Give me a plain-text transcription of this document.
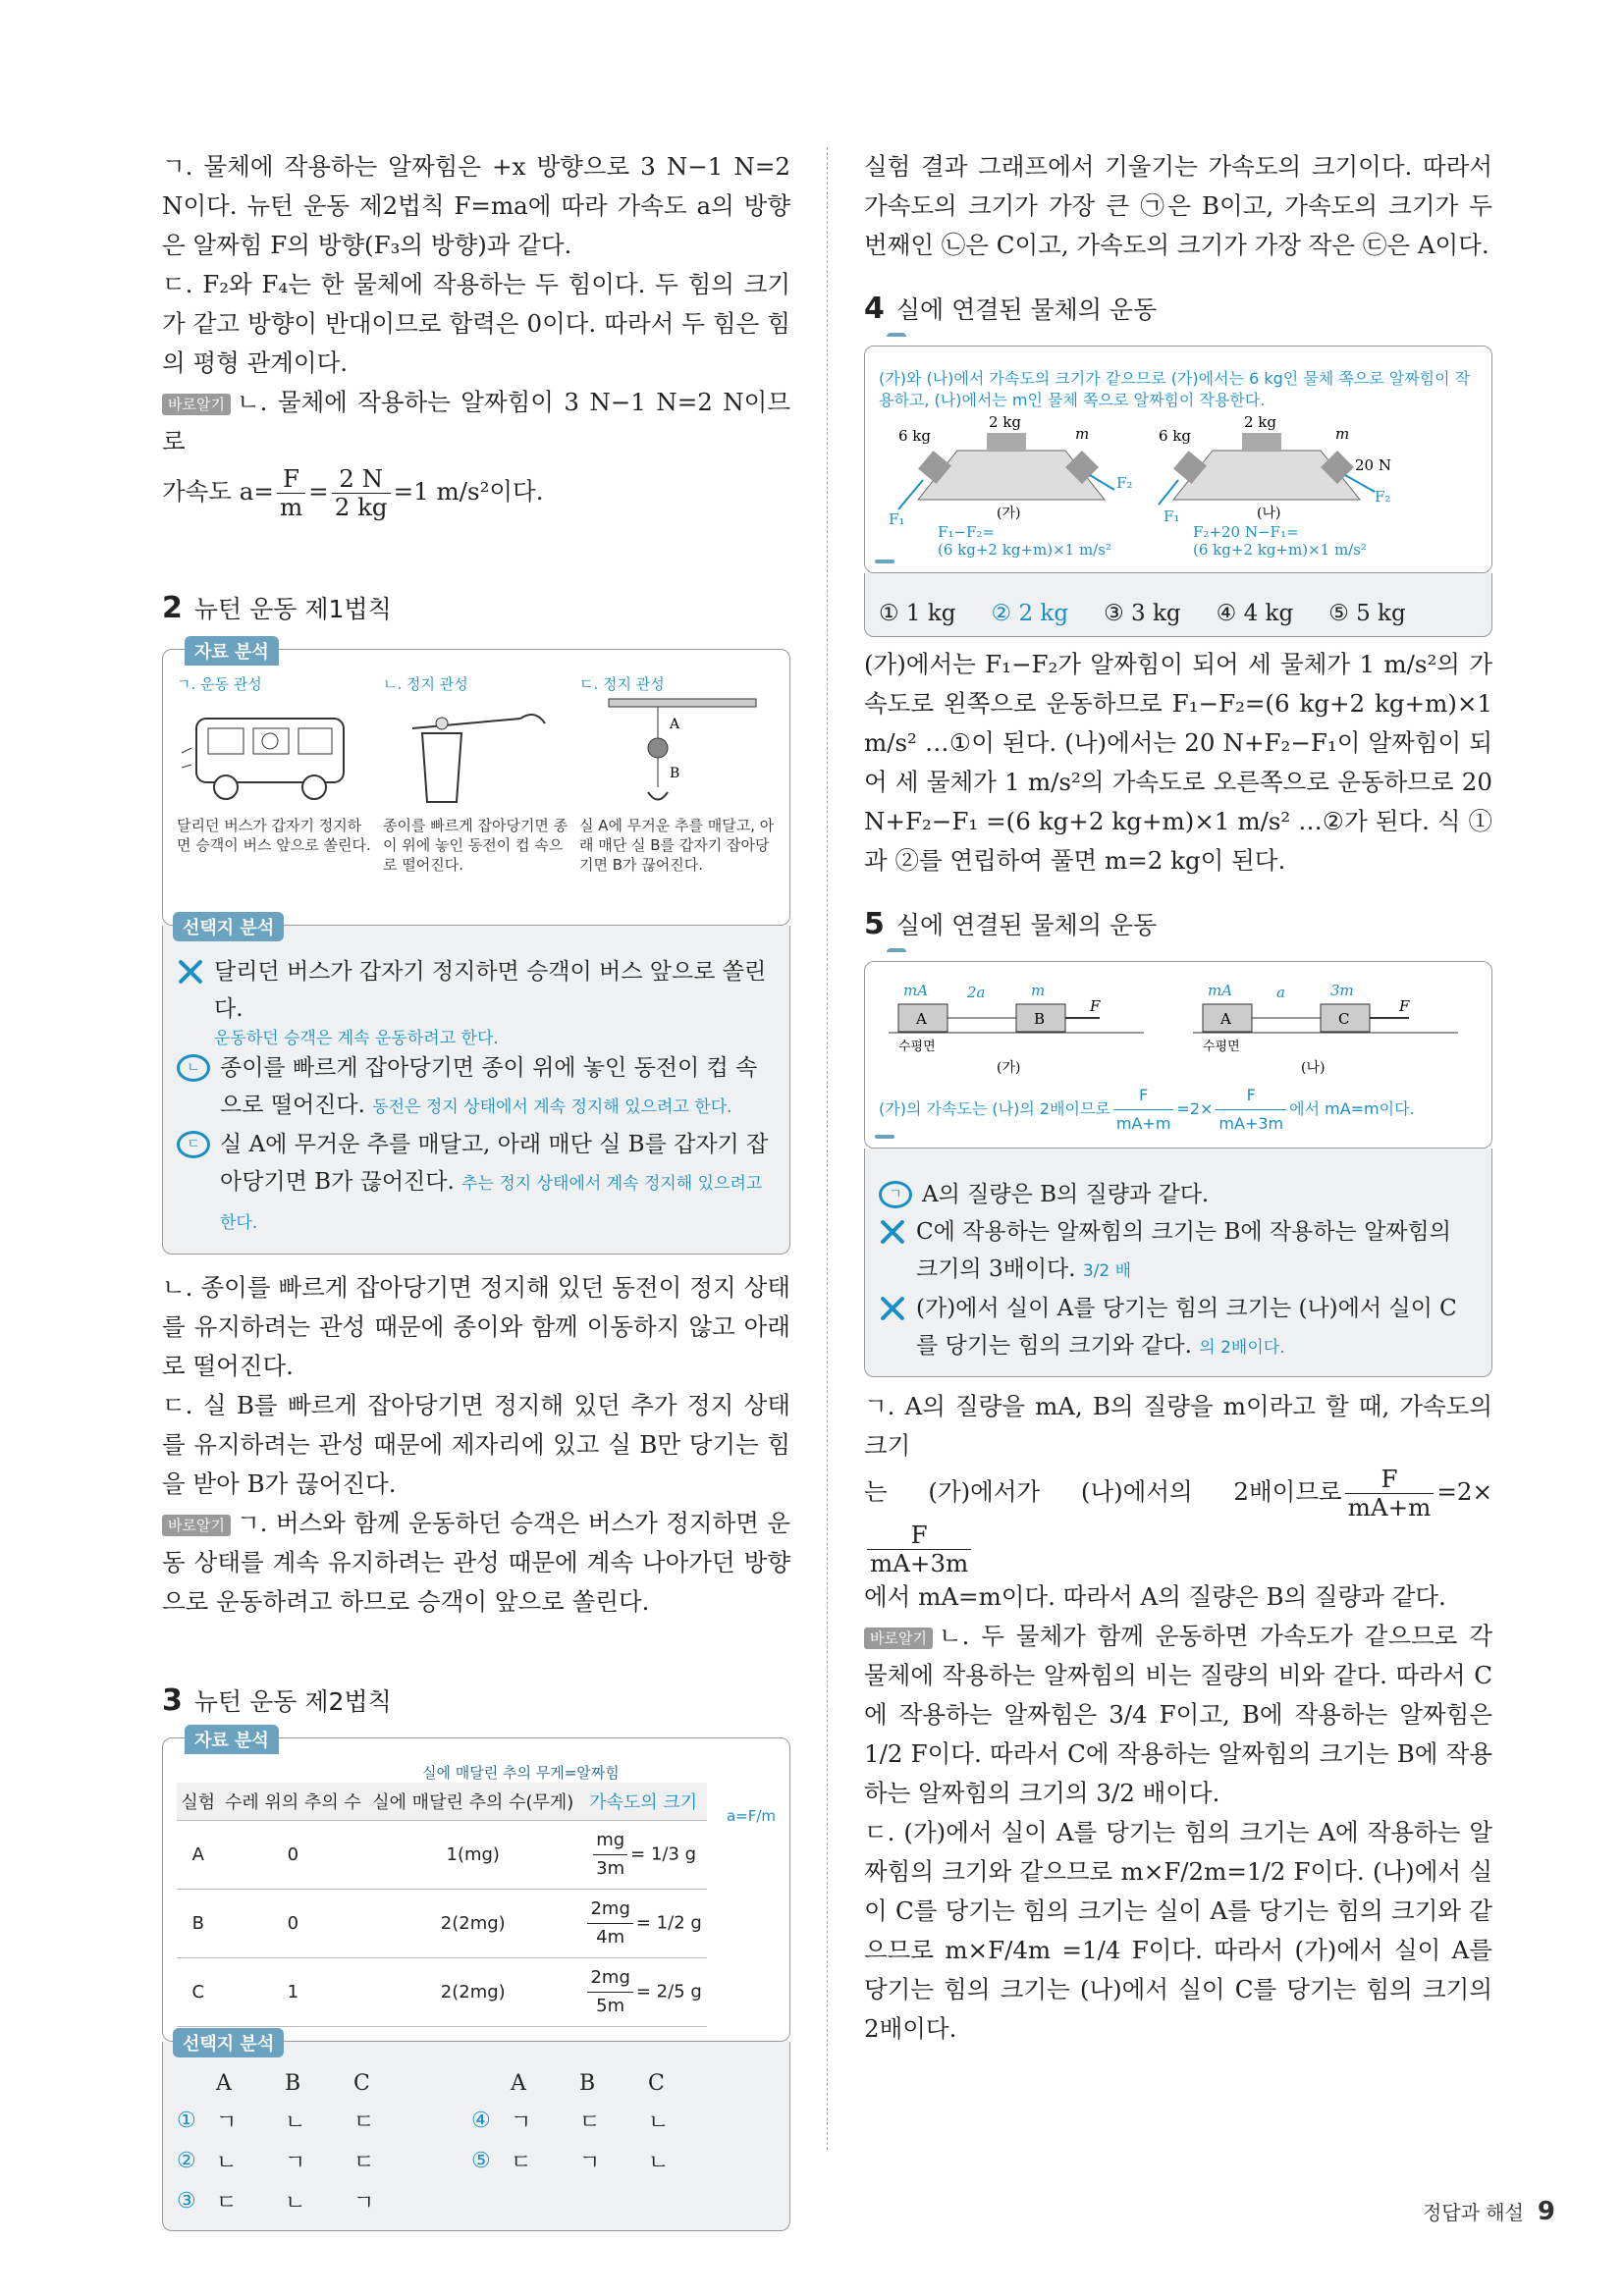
ㄱ. 물체에 작용하는 알짜힘은 +x 방향으로 3 N−1 N=2 N이다. 뉴턴 운동 제2법칙 F=ma에 따라 가속도 a의 방향은 알짜힘 F의 방향(F₃의 방향)과 같다.

ㄷ. F₂와 F₄는 한 물체에 작용하는 두 힘이다. 두 힘의 크기가 같고 방향이 반대이므로 합력은 0이다. 따라서 두 힘은 힘의 평형 관계이다.

바로알기 ㄴ. 물체에 작용하는 알짜힘이 3 N−1 N=2 N이므로

가속도 $a= \frac{F}{m} = \frac{2 N}{2 kg} =1$ m/s²이다.

2 뉴턴 운동 제1법칙
자료 분석
ㄱ. 운동 관성
달리던 버스가 갑자기 정지하면 승객이 버스 앞으로 쏠린다.
ㄴ. 정지 관성
종이를 빠르게 잡아당기면 종이 위에 놓인 동전이 컵 속으로 떨어진다.
ㄷ. 정지 관성
A
B
실 A에 무거운 추를 매달고, 아래 매단 실 B를 갑자기 잡아당기면 B가 끊어진다.
선택지 분석
달리던 버스가 갑자기 정지하면 승객이 버스 앞으로 쏠린다.
운동하던 승객은 계속 운동하려고 한다.
ㄴ 종이를 빠르게 잡아당기면 종이 위에 놓인 동전이 컵 속으로 떨어진다. 동전은 정지 상태에서 계속 정지해 있으려고 한다.
ㄷ 실 A에 무거운 추를 매달고, 아래 매단 실 B를 갑자기 잡아당기면 B가 끊어진다. 추는 정지 상태에서 계속 정지해 있으려고 한다.

ㄴ. 종이를 빠르게 잡아당기면 정지해 있던 동전이 정지 상태를 유지하려는 관성 때문에 종이와 함께 이동하지 않고 아래로 떨어진다.

ㄷ. 실 B를 빠르게 잡아당기면 정지해 있던 추가 정지 상태를 유지하려는 관성 때문에 제자리에 있고 실 B만 당기는 힘을 받아 B가 끊어진다.

바로알기 ㄱ. 버스와 함께 운동하던 승객은 버스가 정지하면 운동 상태를 계속 유지하려는 관성 때문에 계속 나아가던 방향으로 운동하려고 하므로 승객이 앞으로 쏠린다.

3 뉴턴 운동 제2법칙
자료 분석
실에 매달린 추의 무게=알짜힘
실험	수레 위의 추의 수	실에 매달린 추의 수(무게)	가속도의 크기
A	0	1(mg)	$\frac{mg}{3m} = 1/3$ g
B	0	2(2mg)	$\frac{2mg}{4m} = 1/2$ g
C	1	2(2mg)	$\frac{2mg}{5m} = 2/5$ g
a=F/m
선택지 분석
A	B	C	A	B	C
① ㄱ	ㄴ	ㄷ	④ ㄱ	ㄷ	ㄴ
② ㄴ	ㄱ	ㄷ	⑤ ㄷ	ㄱ	ㄴ
③ ㄷ	ㄴ	ㄱ

실험 결과 그래프에서 기울기는 가속도의 크기이다. 따라서 가속도의 크기가 가장 큰 ㉠은 B이고, 가속도의 크기가 두 번째인 ㉡은 C이고, 가속도의 크기가 가장 작은 ㉢은 A이다.

4 실에 연결된 물체의 운동
(가)와 (나)에서 가속도의 크기가 같으므로 (가)에서는 6 kg인 물체 쪽으로 알짜힘이 작용하고, (나)에서는 m인 물체 쪽으로 알짜힘이 작용한다.
6 kg
2 kg
m
F₁
F₂
(가)
F₁−F₂=
(6 kg+2 kg+m)×1 m/s²
6 kg
2 kg
m
20 N
F₁
F₂
(나)
F₂+20 N−F₁=
(6 kg+2 kg+m)×1 m/s²
① 1 kg ② 2 kg ③ 3 kg ④ 4 kg ⑤ 5 kg

(가)에서는 F₁−F₂가 알짜힘이 되어 세 물체가 1 m/s²의 가속도로 왼쪽으로 운동하므로 F₁−F₂=(6 kg+2 kg+m)×1 m/s² …①이 된다. (나)에서는 20 N+F₂−F₁이 알짜힘이 되어 세 물체가 1 m/s²의 가속도로 오른쪽으로 운동하므로 20 N+F₂−F₁ =(6 kg+2 kg+m)×1 m/s² …②가 된다. 식 ①과 ②를 연립하여 풀면 m=2 kg이 된다.

5 실에 연결된 물체의 운동
A	B
mA	2a	m
F
수평면
(가)
A	C
mA	a	3m
F
수평면
(나)
(가)의 가속도는 (나)의 2배이므로 $\frac{F}{mA+m} =2\times \frac{F}{mA+3m}$ 에서 mA=m이다.
ㄱ A의 질량은 B의 질량과 같다.
C에 작용하는 알짜힘의 크기는 B에 작용하는 알짜힘의 크기의 3배이다. 3/2 배
(가)에서 실이 A를 당기는 힘의 크기는 (나)에서 실이 C를 당기는 힘의 크기와 같다. 의 2배이다.

ㄱ. A의 질량을 mA, B의 질량을 m이라고 할 때, 가속도의 크기

는 (가)에서가 (나)에서의 2배이므로 $\frac{F}{mA+m} =2\times$
$\frac{F}{mA+3m}$

에서 mA=m이다. 따라서 A의 질량은 B의 질량과 같다.

바로알기 ㄴ. 두 물체가 함께 운동하면 가속도가 같으므로 각 물체에 작용하는 알짜힘의 비는 질량의 비와 같다. 따라서 C에 작용하는 알짜힘은 3/4 F이고, B에 작용하는 알짜힘은 1/2 F이다. 따라서 C에 작용하는 알짜힘의 크기는 B에 작용하는 알짜힘의 크기의 3/2 배이다.

ㄷ. (가)에서 실이 A를 당기는 힘의 크기는 A에 작용하는 알짜힘의 크기와 같으므로 m×F/2m=1/2 F이다. (나)에서 실이 C를 당기는 힘의 크기는 실이 A를 당기는 힘의 크기와 같으므로 m×F/4m =1/4 F이다. 따라서 (가)에서 실이 A를 당기는 힘의 크기는 (나)에서 실이 C를 당기는 힘의 크기의 2배이다.

정답과 해설 9
